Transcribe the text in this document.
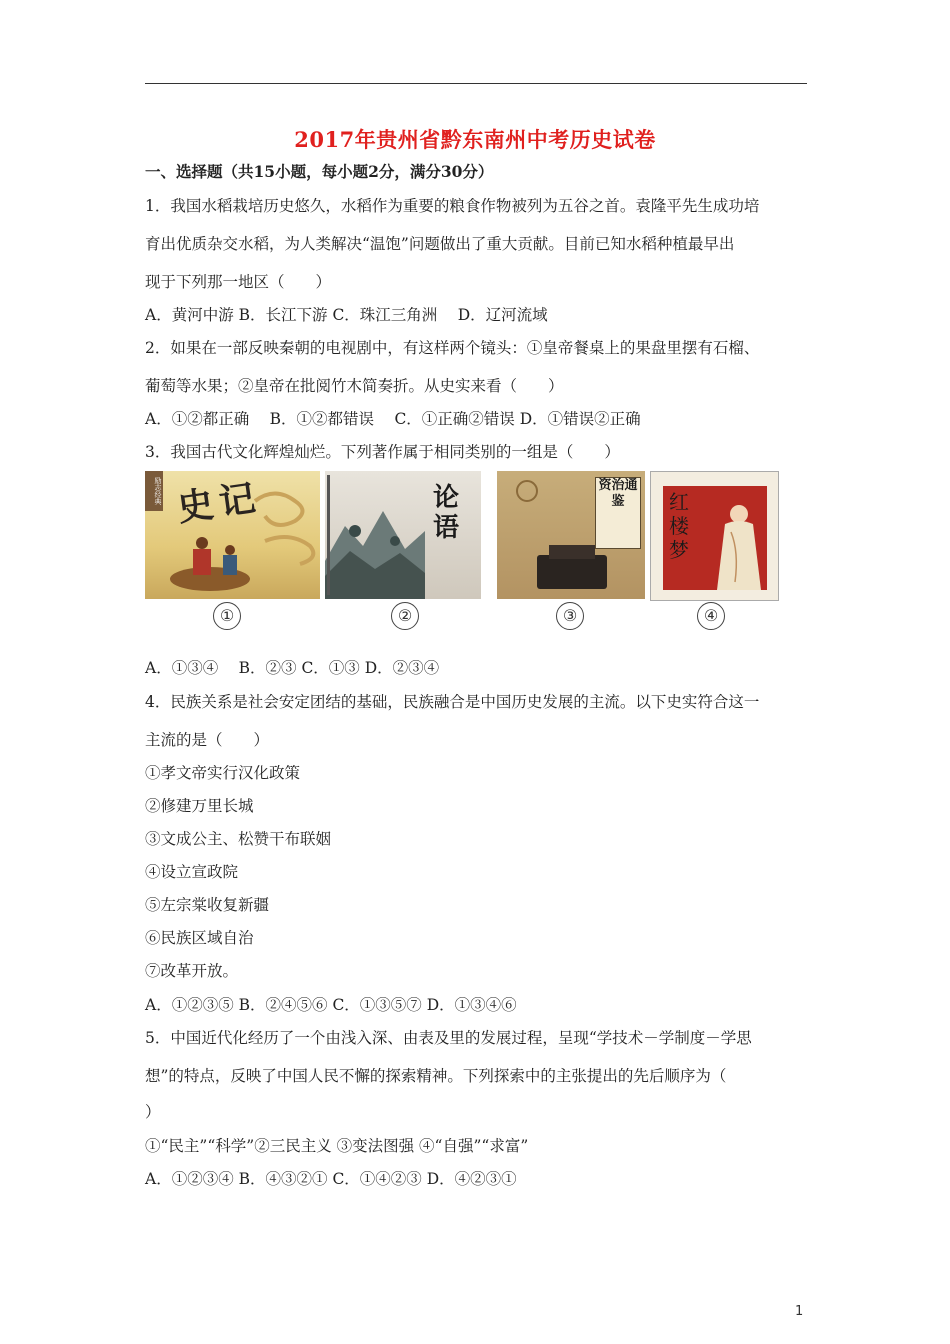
2017年贵州省黔东南州中考历史试卷
一、选择题（共15小题，每小题2分，满分30分）
1．我国水稻栽培历史悠久，水稻作为重要的粮食作物被列为五谷之首。袁隆平先生成功培
育出优质杂交水稻，为人类解决“温饱”问题做出了重大贡献。目前已知水稻种植最早出
现于下列那一地区（　　）
A．黄河中游 B．长江下游 C．珠江三角洲　 D．辽河流域
2．如果在一部反映秦朝的电视剧中，有这样两个镜头：①皇帝餐桌上的果盘里摆有石榴、
葡萄等水果；②皇帝在批阅竹木简奏折。从史实来看（　　）
A．①②都正确　 B．①②都错误　 C．①正确②错误 D．①错误②正确
3．我国古代文化辉煌灿烂。下列著作属于相同类别的一组是（　　）
励志经典 史记
①
论语
②
资治通鉴
③
红楼梦
④
A．①③④　 B．②③ C．①③ D．②③④
4．民族关系是社会安定团结的基础，民族融合是中国历史发展的主流。以下史实符合这一
主流的是（　　）
①孝文帝实行汉化政策
②修建万里长城
③文成公主、松赞干布联姻
④设立宣政院
⑤左宗棠收复新疆
⑥民族区域自治
⑦改革开放。
A．①②③⑤ B．②④⑤⑥ C．①③⑤⑦ D．①③④⑥
5．中国近代化经历了一个由浅入深、由表及里的发展过程，呈现“学技术－学制度－学思
想”的特点，反映了中国人民不懈的探索精神。下列探索中的主张提出的先后顺序为（
）
①“民主”“科学”②三民主义 ③变法图强 ④“自强”“求富”
A．①②③④ B．④③②① C．①④②③ D．④②③①
1
